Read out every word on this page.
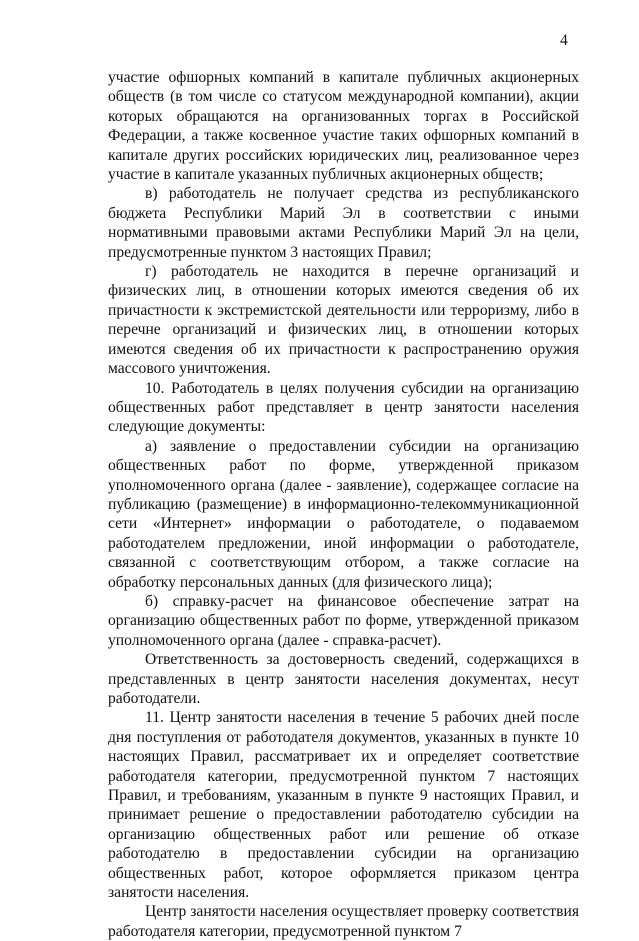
4

участие офшорных компаний в капитале публичных акционерных обществ (в том числе со статусом международной компании), акции которых обращаются на организованных торгах в Российской Федерации, а также косвенное участие таких офшорных компаний в капитале других российских юридических лиц, реализованное через участие в капитале указанных публичных акционерных обществ;

в) работодатель не получает средства из республиканского бюджета Республики Марий Эл в соответствии с иными нормативными правовыми актами Республики Марий Эл на цели, предусмотренные пунктом 3 настоящих Правил;

г) работодатель не находится в перечне организаций и физических лиц, в отношении которых имеются сведения об их причастности к экстремистской деятельности или терроризму, либо в перечне организаций и физических лиц, в отношении которых имеются сведения об их причастности к распространению оружия массового уничтожения.

10. Работодатель в целях получения субсидии на организацию общественных работ представляет в центр занятости населения следующие документы:

а) заявление о предоставлении субсидии на организацию общественных работ по форме, утвержденной приказом уполномоченного органа (далее - заявление), содержащее согласие на публикацию (размещение) в информационно-телекоммуникационной сети «Интернет» информации о работодателе, о подаваемом работодателем предложении, иной информации о работодателе, связанной с соответствующим отбором, а также согласие на обработку персональных данных (для физического лица);

б) справку-расчет на финансовое обеспечение затрат на организацию общественных работ по форме, утвержденной приказом уполномоченного органа (далее - справка-расчет).

Ответственность за достоверность сведений, содержащихся в представленных в центр занятости населения документах, несут работодатели.

11. Центр занятости населения в течение 5 рабочих дней после дня поступления от работодателя документов, указанных в пункте 10 настоящих Правил, рассматривает их и определяет соответствие работодателя категории, предусмотренной пунктом 7 настоящих Правил, и требованиям, указанным в пункте 9 настоящих Правил, и принимает решение о предоставлении работодателю субсидии на организацию общественных работ или решение об отказе работодателю в предоставлении субсидии на организацию общественных работ, которое оформляется приказом центра занятости населения.

Центр занятости населения осуществляет проверку соответствия работодателя категории, предусмотренной пунктом 7
